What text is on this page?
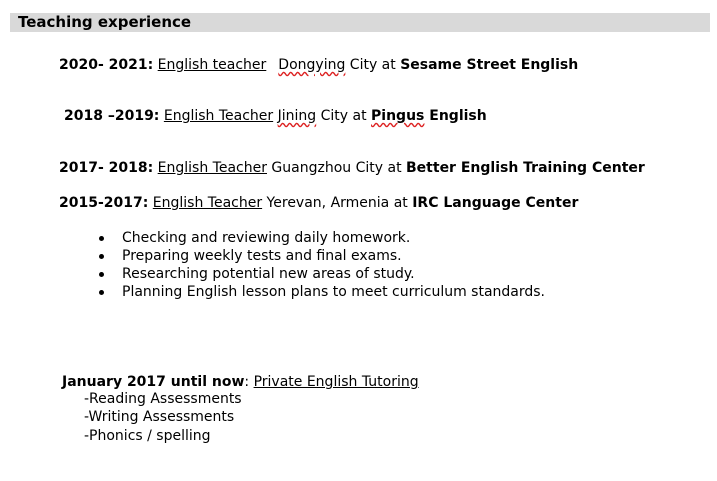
Teaching experience
2020- 2021: English teacher Dongying City at Sesame Street English
2018 –2019: English Teacher Jining City at Pingus English
2017- 2018: English Teacher Guangzhou City at Better English Training Center
2015-2017: English Teacher Yerevan, Armenia at IRC Language Center
Checking and reviewing daily homework.
Preparing weekly tests and final exams.
Researching potential new areas of study.
Planning English lesson plans to meet curriculum standards.
January 2017 until now: Private English Tutoring
-Reading Assessments
-Writing Assessments
-Phonics / spelling
